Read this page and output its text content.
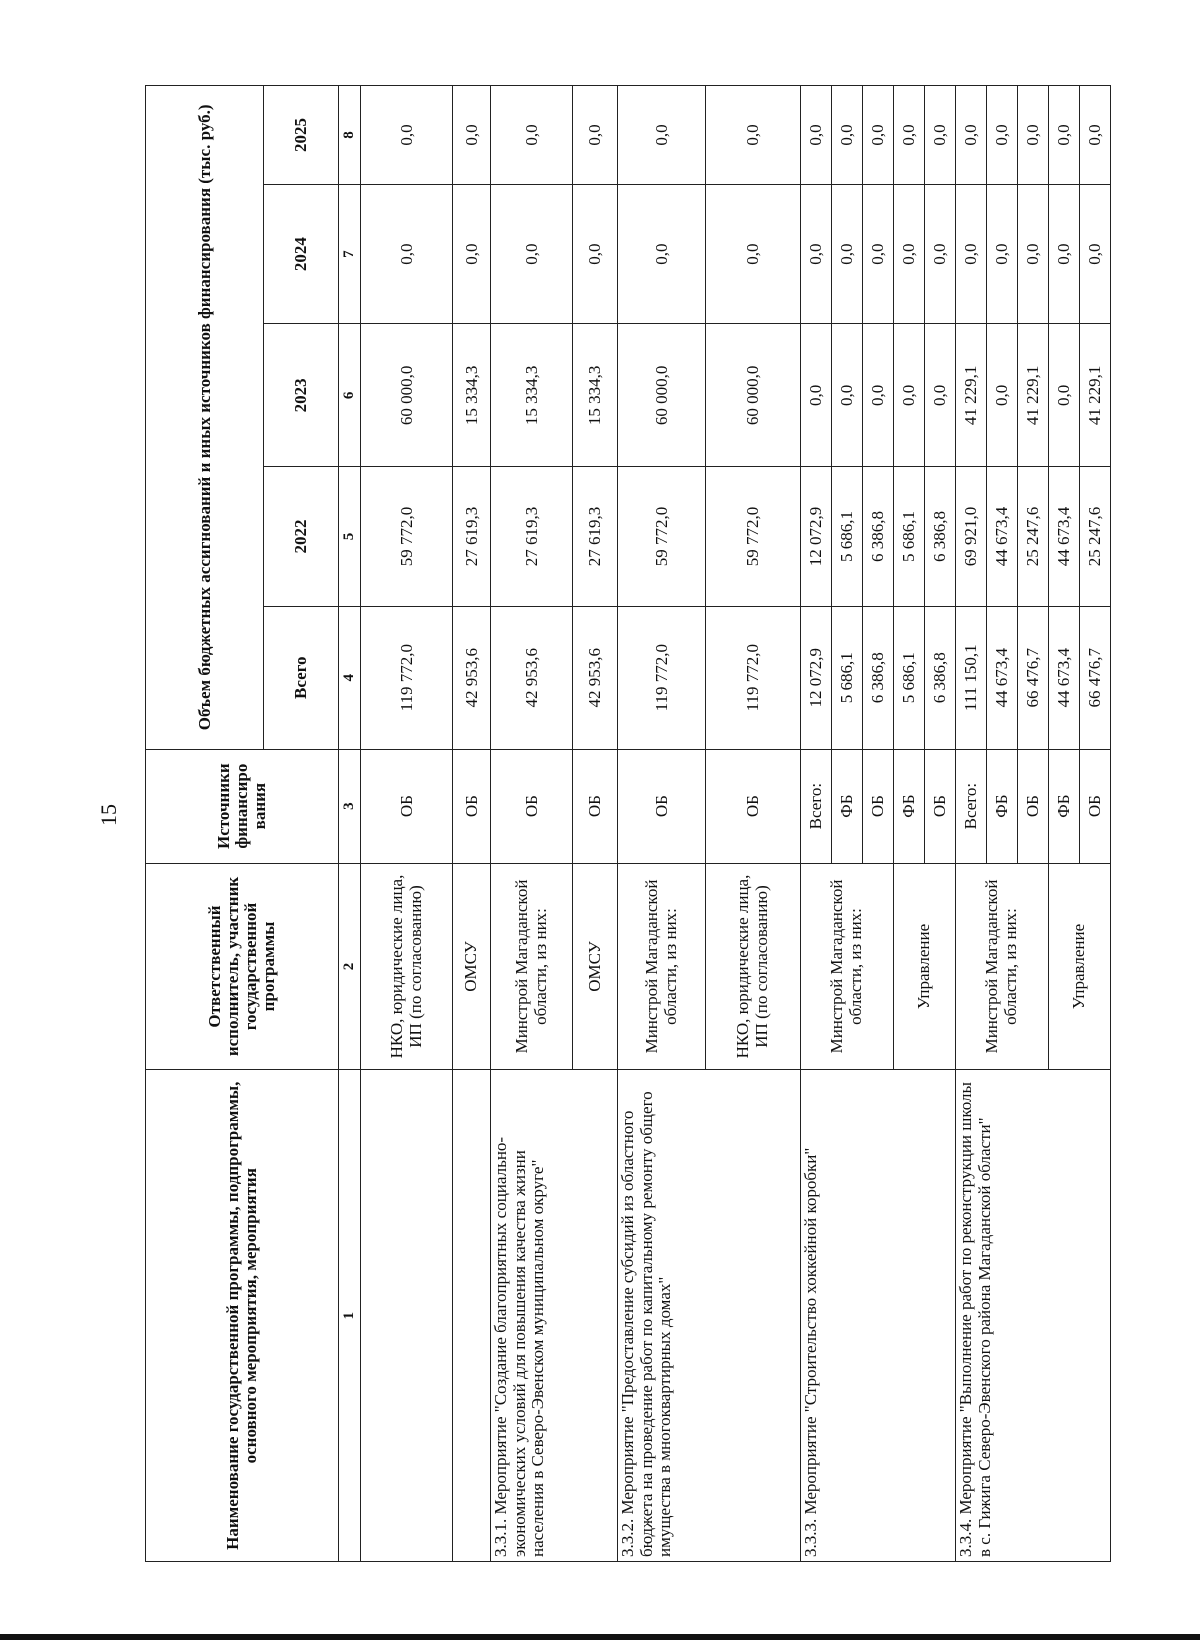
15
Наименование государственной программы, подпрограммы, основного мероприятия, мероприятия	Ответственный исполнитель, участник государственной программы	Источники финансиро вания	Объем бюджетных ассигнований и иных источников финансирования (тыс. руб.)				
			Всего	2022	2023	2024	2025
1	2	3	4	5	6	7	8
	НКО, юридические лица, ИП (по согласованию)	ОБ	119 772,0	59 772,0	60 000,0	0,0	0,0
	ОМСУ	ОБ	42 953,6	27 619,3	15 334,3	0,0	0,0
3.3.1. Мероприятие "Создание благоприятных социально-экономических условий для повышения качества жизни населения в Северо-Эвенском муниципальном округе"	Минстрой Магаданской области, из них:	ОБ	42 953,6	27 619,3	15 334,3	0,0	0,0
	ОМСУ	ОБ	42 953,6	27 619,3	15 334,3	0,0	0,0
3.3.2. Мероприятие "Предоставление субсидий из областного бюджета на проведение работ по капитальному ремонту общего имущества в многоквартирных домах"	Минстрой Магаданской области, из них:	ОБ	119 772,0	59 772,0	60 000,0	0,0	0,0
	НКО, юридические лица, ИП (по согласованию)	ОБ	119 772,0	59 772,0	60 000,0	0,0	0,0
3.3.3. Мероприятие "Строительство хоккейной коробки"	Минстрой Магаданской области, из них:	Всего:	12 072,9	12 072,9	0,0	0,0	0,0
		ФБ	5 686,1	5 686,1	0,0	0,0	0,0
		ОБ	6 386,8	6 386,8	0,0	0,0	0,0
	Управление	ФБ	5 686,1	5 686,1	0,0	0,0	0,0
		ОБ	6 386,8	6 386,8	0,0	0,0	0,0
3.3.4. Мероприятие "Выполнение работ по реконструкции школы в с. Гижига Северо-Эвенского района Магаданской области"	Минстрой Магаданской области, из них:	Всего:	111 150,1	69 921,0	41 229,1	0,0	0,0
		ФБ	44 673,4	44 673,4	0,0	0,0	0,0
		ОБ	66 476,7	25 247,6	41 229,1	0,0	0,0
	Управление	ФБ	44 673,4	44 673,4	0,0	0,0	0,0
		ОБ	66 476,7	25 247,6	41 229,1	0,0	0,0
